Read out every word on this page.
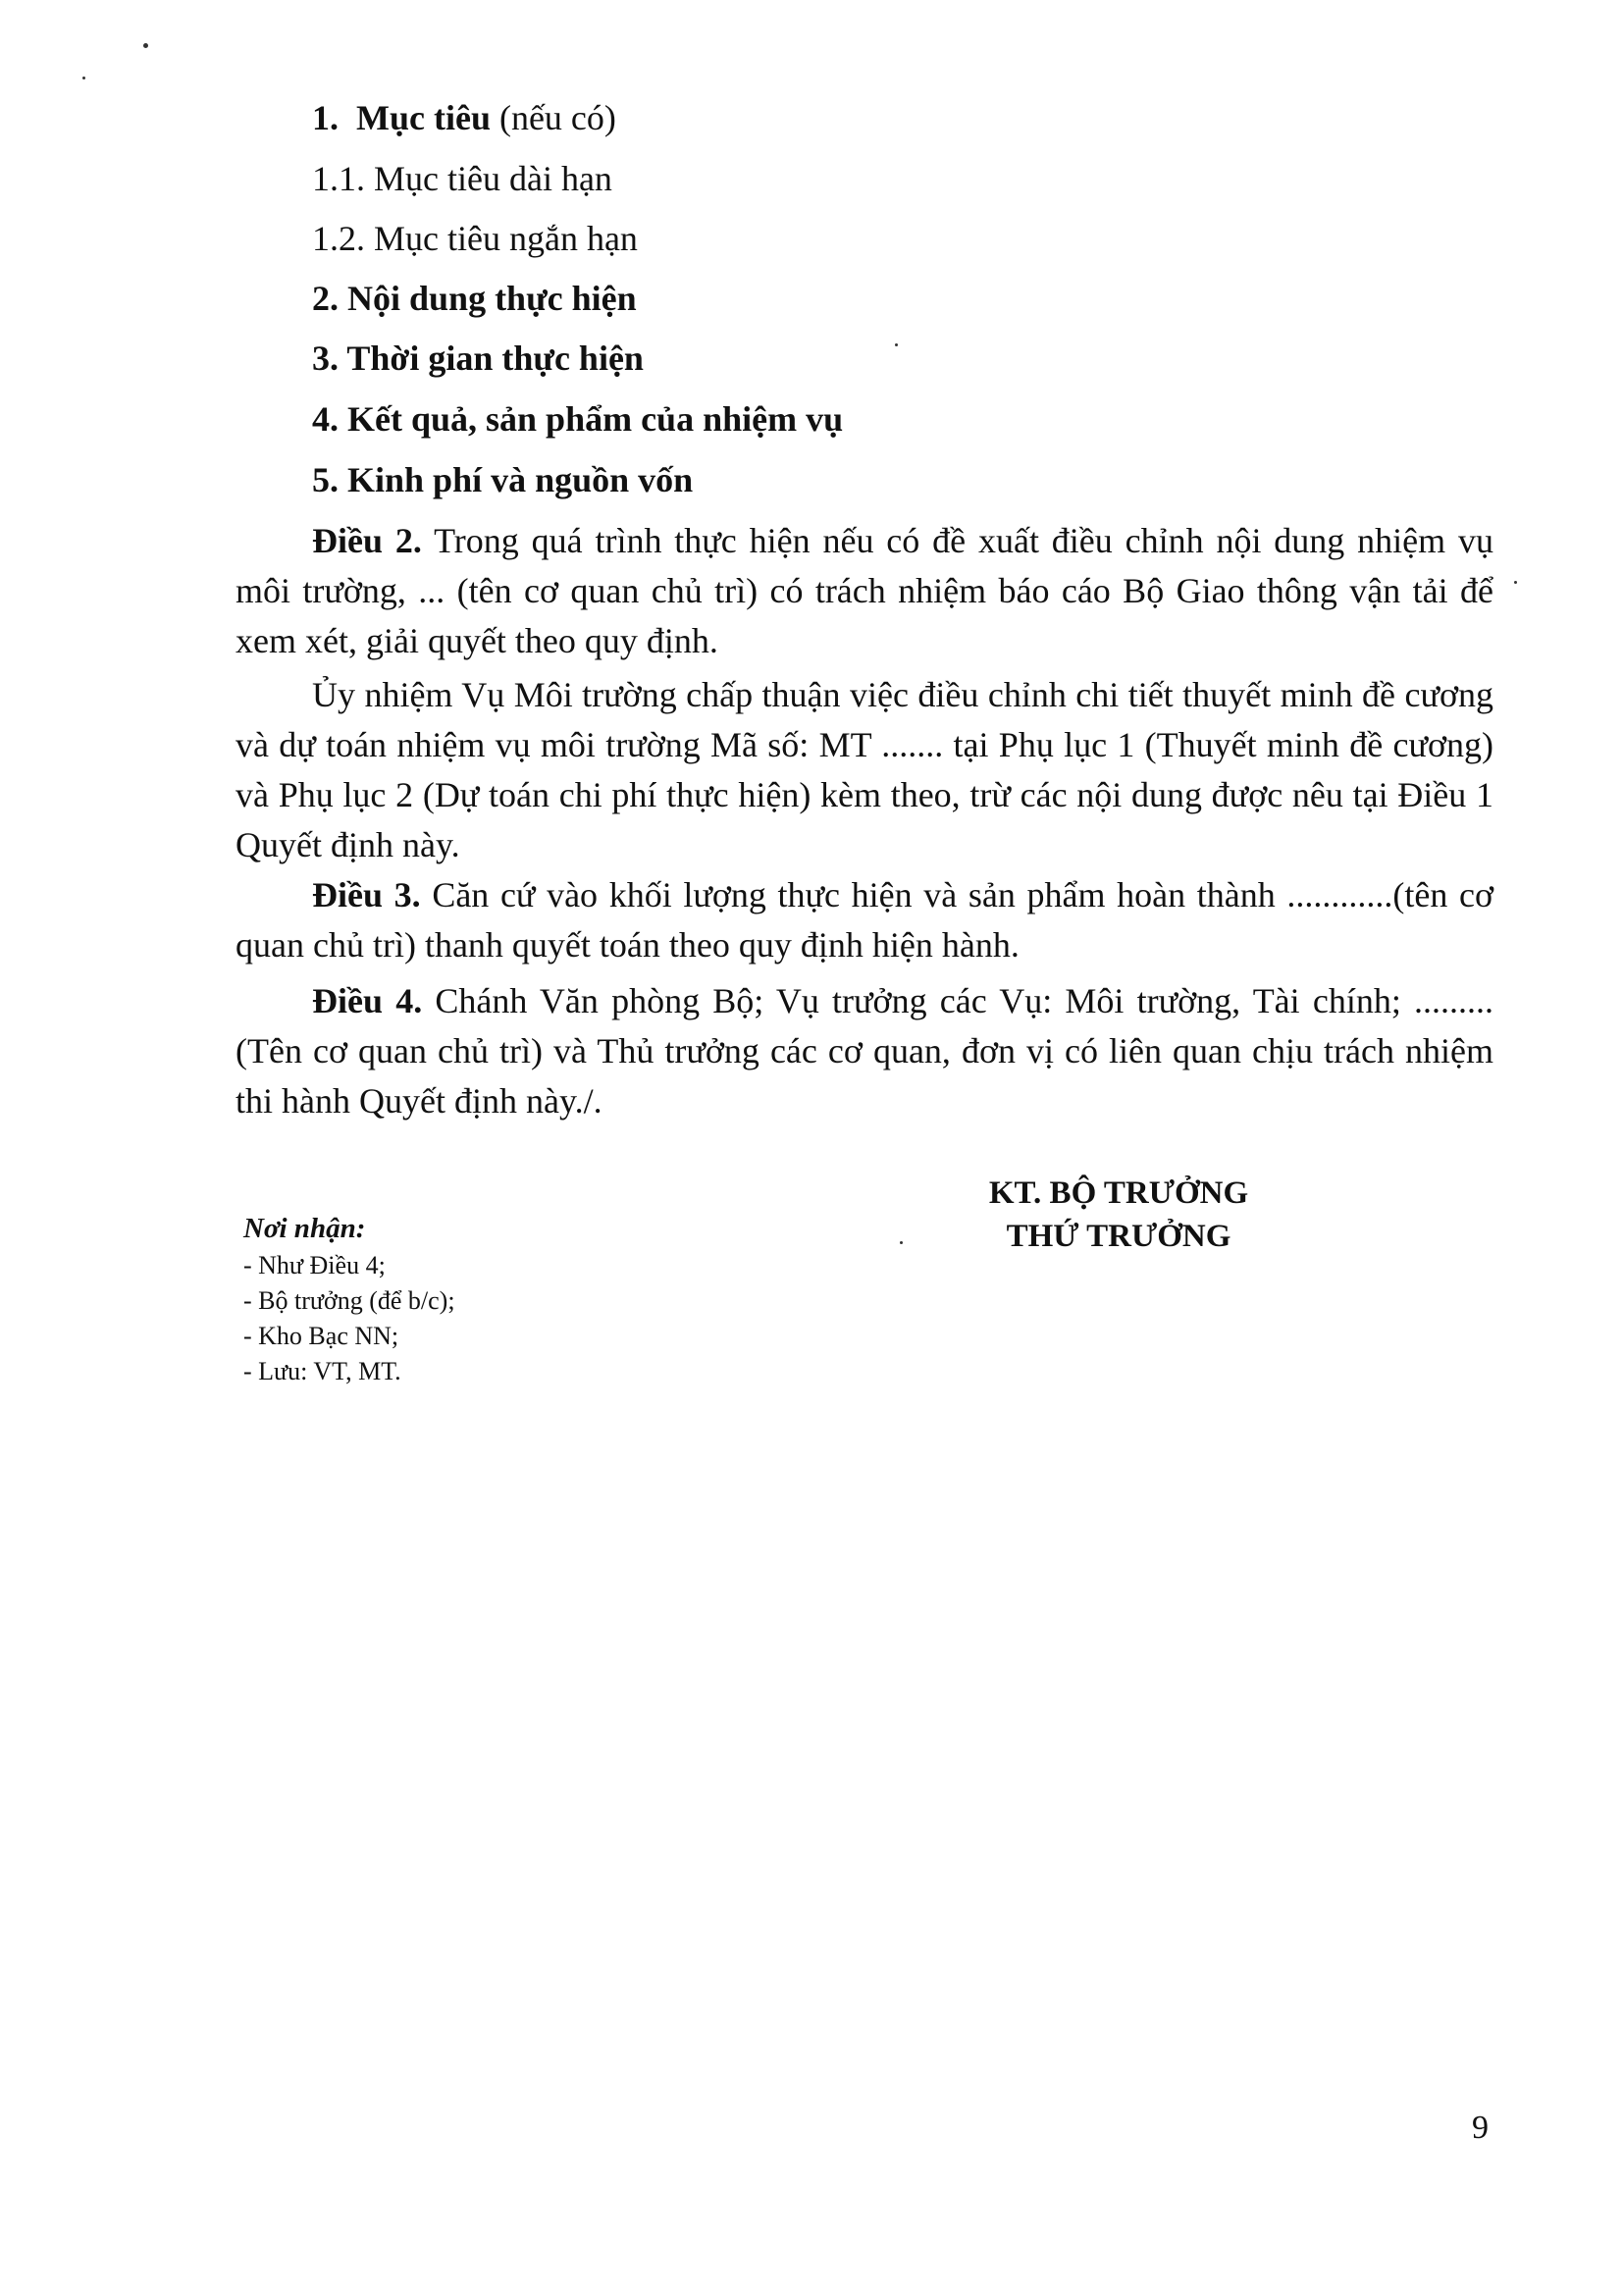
1. Mục tiêu (nếu có)
1.1. Mục tiêu dài hạn
1.2. Mục tiêu ngắn hạn
2. Nội dung thực hiện
3. Thời gian thực hiện
4. Kết quả, sản phẩm của nhiệm vụ
5. Kinh phí và nguồn vốn
Điều 2. Trong quá trình thực hiện nếu có đề xuất điều chỉnh nội dung nhiệm vụ môi trường, ... (tên cơ quan chủ trì) có trách nhiệm báo cáo Bộ Giao thông vận tải để xem xét, giải quyết theo quy định.
Ủy nhiệm Vụ Môi trường chấp thuận việc điều chỉnh chi tiết thuyết minh đề cương và dự toán nhiệm vụ môi trường Mã số: MT ....... tại Phụ lục 1 (Thuyết minh đề cương) và Phụ lục 2 (Dự toán chi phí thực hiện) kèm theo, trừ các nội dung được nêu tại Điều 1 Quyết định này.
Điều 3. Căn cứ vào khối lượng thực hiện và sản phẩm hoàn thành ............(tên cơ quan chủ trì) thanh quyết toán theo quy định hiện hành.
Điều 4. Chánh Văn phòng Bộ; Vụ trưởng các Vụ: Môi trường, Tài chính; .........(Tên cơ quan chủ trì) và Thủ trưởng các cơ quan, đơn vị có liên quan chịu trách nhiệm thi hành Quyết định này./.
KT. BỘ TRƯỞNG
THỨ TRƯỞNG
Nơi nhận:
- Như Điều 4;
- Bộ trưởng (để b/c);
- Kho Bạc NN;
- Lưu: VT, MT.
9
